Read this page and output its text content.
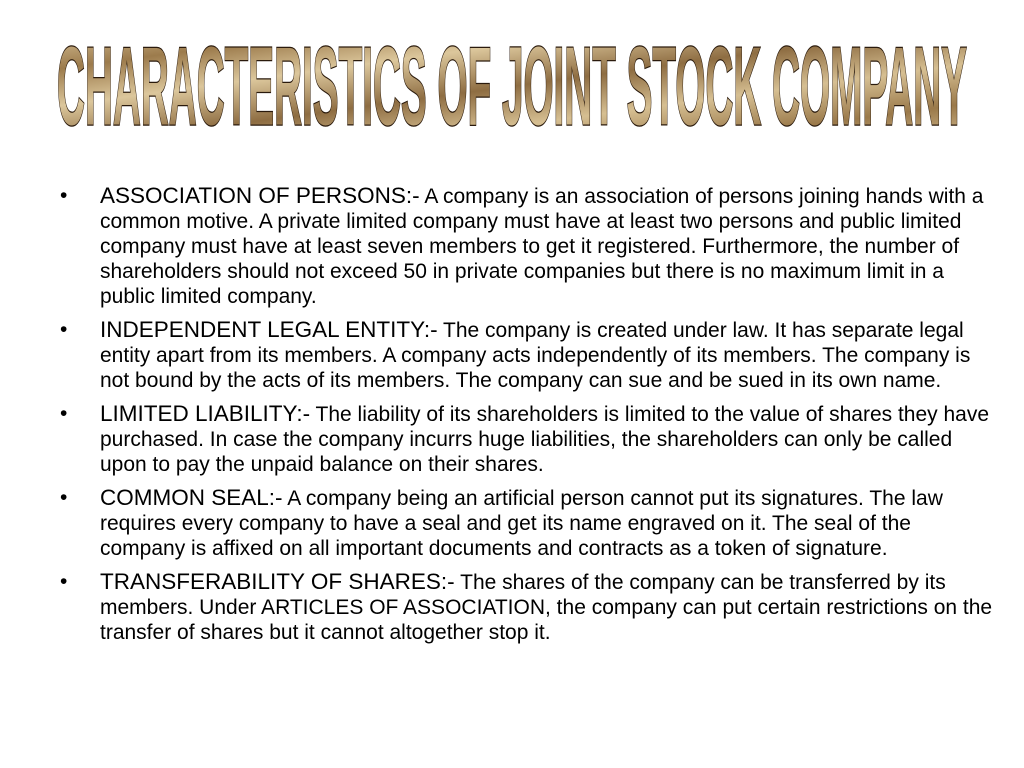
CHARACTERISTICS OF JOINT STOCK COMPANY
• ASSOCIATION OF PERSONS:- A company is an association of persons joining hands with a common motive. A private limited company must have at least two persons and public limited company must have at least seven members to get it registered. Furthermore, the number of shareholders should not exceed 50 in private companies but there is no maximum limit in a public limited company.
• INDEPENDENT LEGAL ENTITY:- The company is created under law. It has separate legal entity apart from its members. A company acts independently of its members. The company is not bound by the acts of its members. The company can sue and be sued in its own name.
• LIMITED LIABILITY:- The liability of its shareholders is limited to the value of shares they have purchased. In case the company incurrs huge liabilities, the shareholders can only be called upon to pay the unpaid balance on their shares.
• COMMON SEAL:- A company being an artificial person cannot put its signatures. The law requires every company to have a seal and get its name engraved on it. The seal of the company is affixed on all important documents and contracts as a token of signature.
• TRANSFERABILITY OF SHARES:- The shares of the company can be transferred by its members. Under ARTICLES OF ASSOCIATION, the company can put certain restrictions on the transfer of shares but it cannot altogether stop it.
